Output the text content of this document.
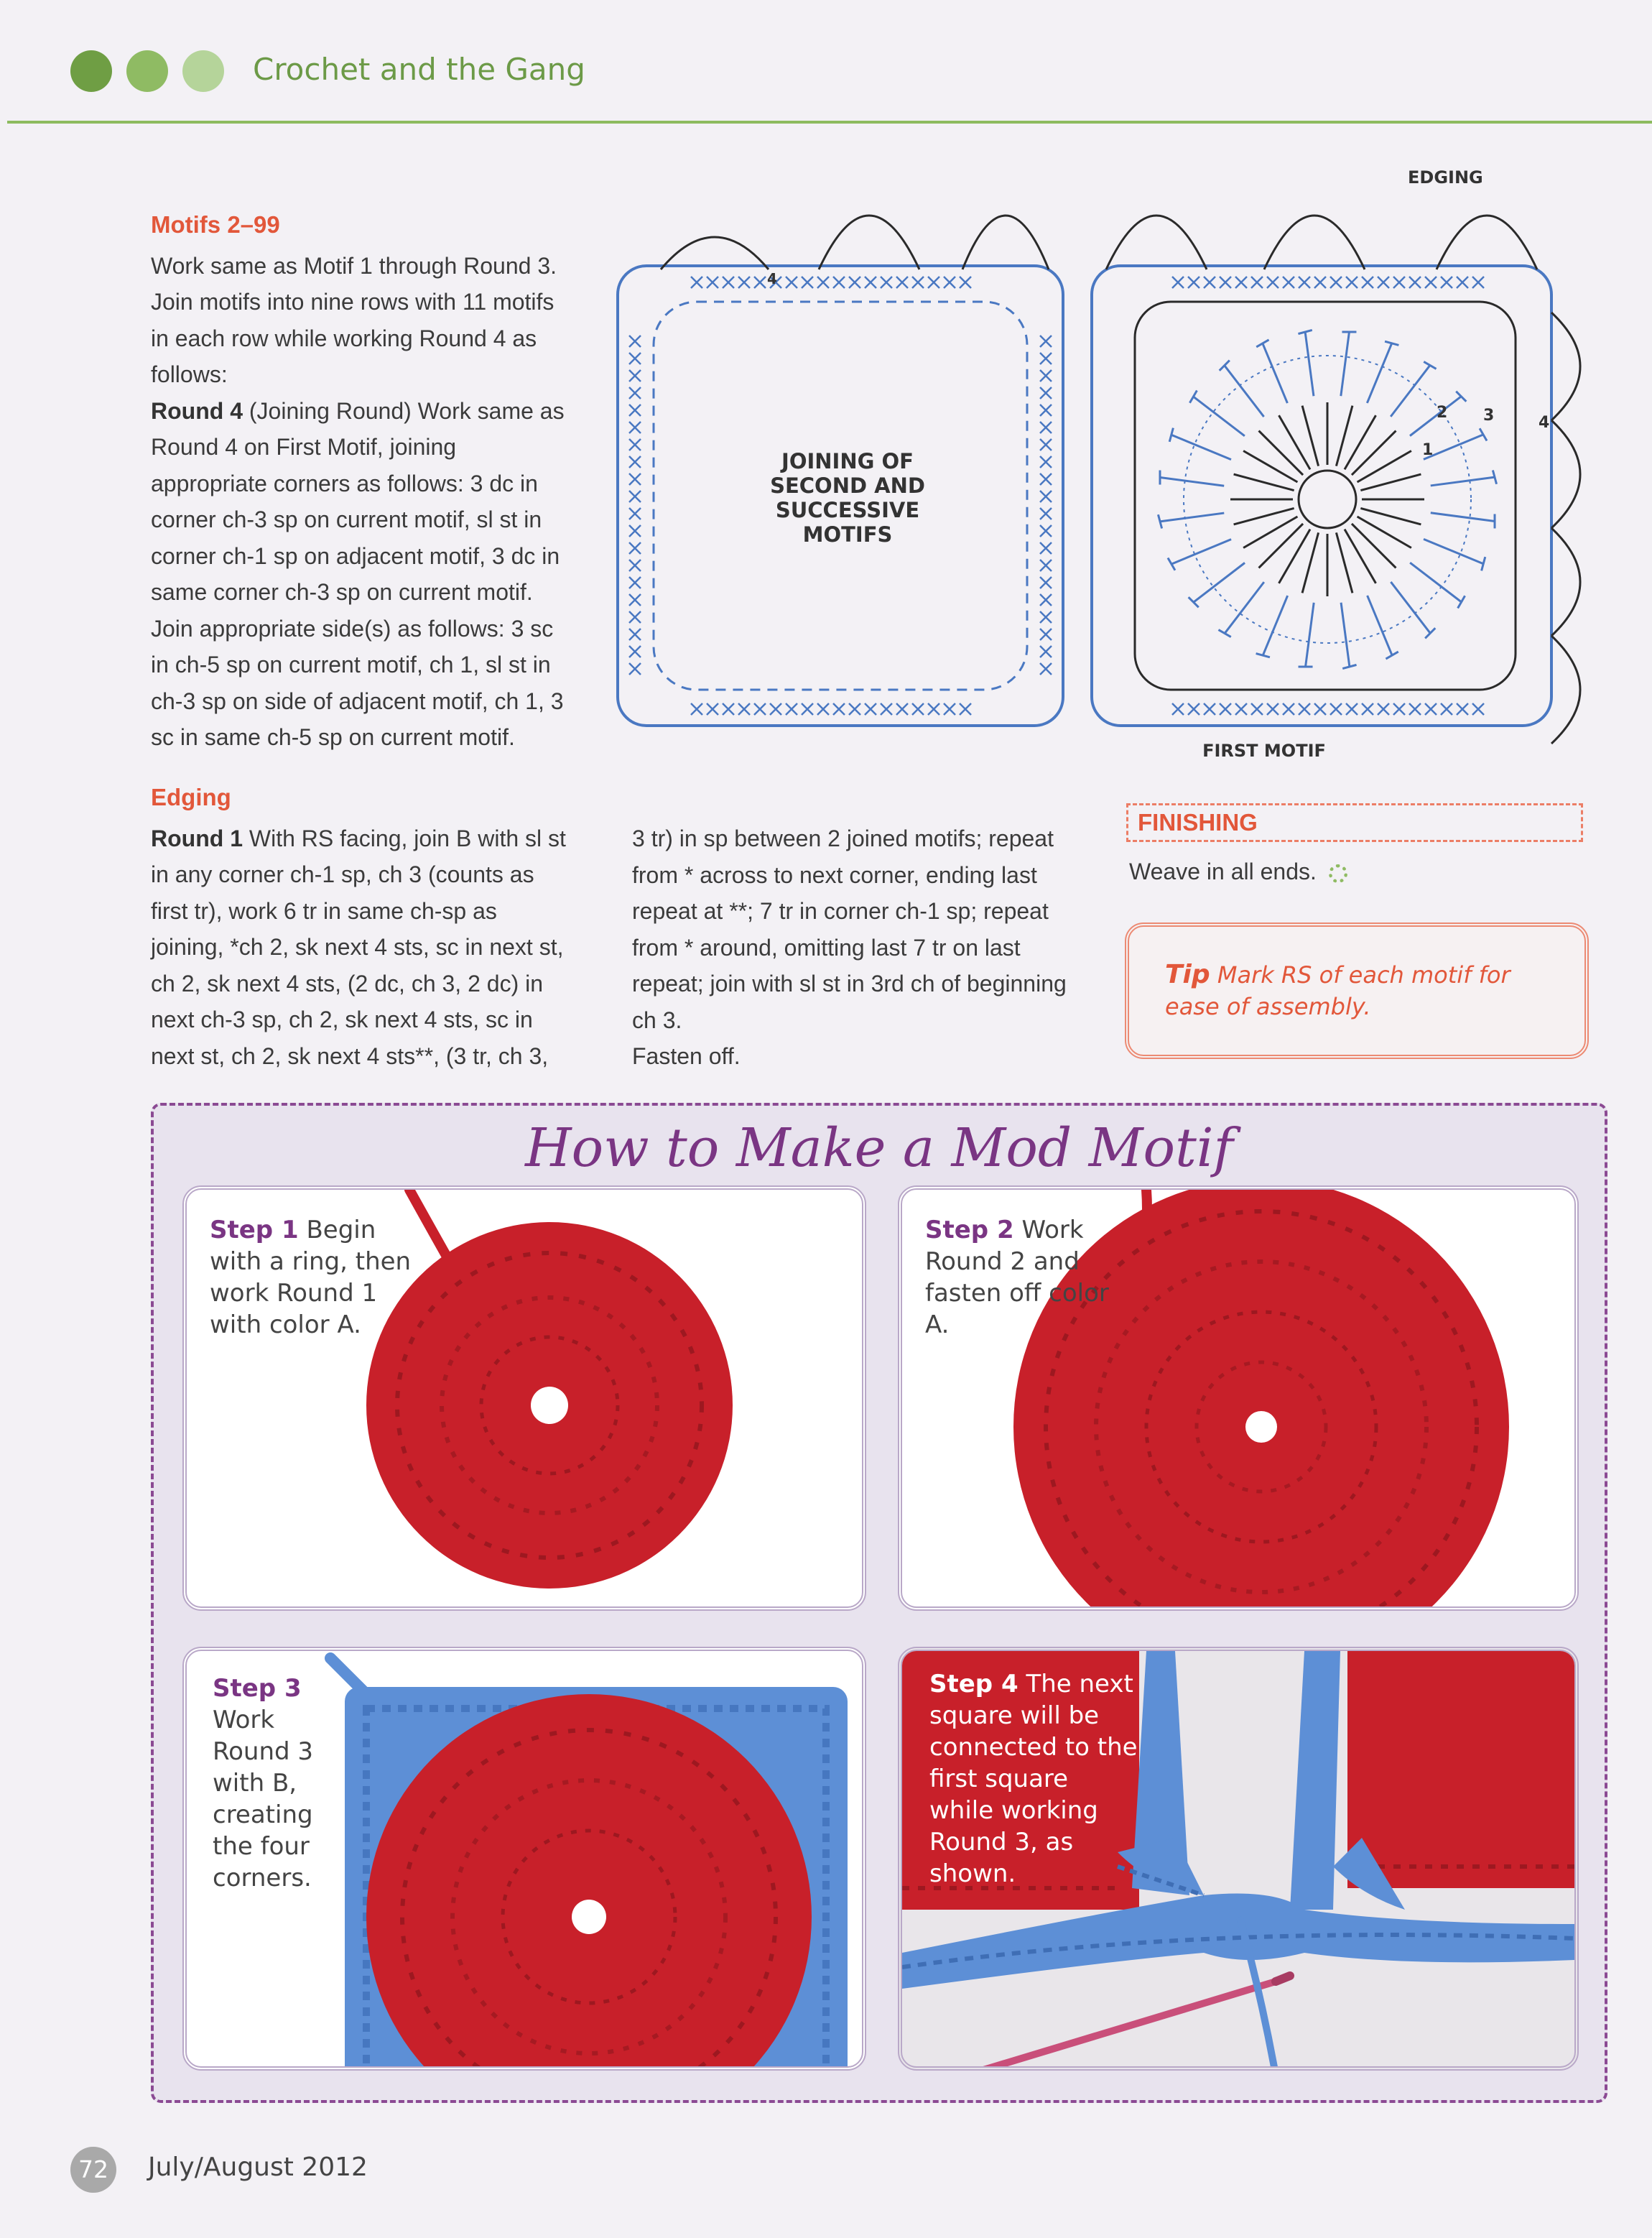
Crochet and the Gang
Motifs 2–99

Work same as Motif 1 through Round 3. Join motifs into nine rows with 11 motifs in each row while working Round 4 as follows:

Round 4 (Joining Round) Work same as Round 4 on First Motif, joining appropriate corners as follows: 3 dc in corner ch-3 sp on current motif, sl st in corner ch-1 sp on adjacent motif, 3 dc in same corner ch-3 sp on current motif. Join appropriate side(s) as follows: 3 sc in ch-5 sp on current motif, ch 1, sl st in ch-3 sp on side of adjacent motif, ch 1, 3 sc in same ch-5 sp on current motif.

EDGING
JOINING OF
SECOND AND
SUCCESSIVE
MOTIFS
FIRST MOTIF
1
2 3	4
4
Edging

Round 1 With RS facing, join B with sl st in any corner ch-1 sp, ch 3 (counts as first tr), work 6 tr in same ch-sp as joining, *ch 2, sk next 4 sts, sc in next st, ch 2, sk next 4 sts, (2 dc, ch 3, 2 dc) in next ch-3 sp, ch 2, sk next 4 sts, sc in next st, ch 2, sk next 4 sts**, (3 tr, ch 3,

3 tr) in sp between 2 joined motifs; repeat from * across to next corner, ending last repeat at **; 7 tr in corner ch-1 sp; repeat from * around, omitting last 7 tr on last repeat; join with sl st in 3rd ch of beginning ch 3.

Fasten off.

FINISHING
Weave in all ends.
Tip Mark RS of each motif for ease of assembly.
How to Make a Mod Motif
Step 1 Begin with a ring, then work Round 1 with color A.
Step 2 Work Round 2 and fasten off color A.
Step 3 Work Round 3 with B, creating the four corners.
Step 4 The next square will be connected to the first square while working Round 3, as shown.
72	July/August 2012
